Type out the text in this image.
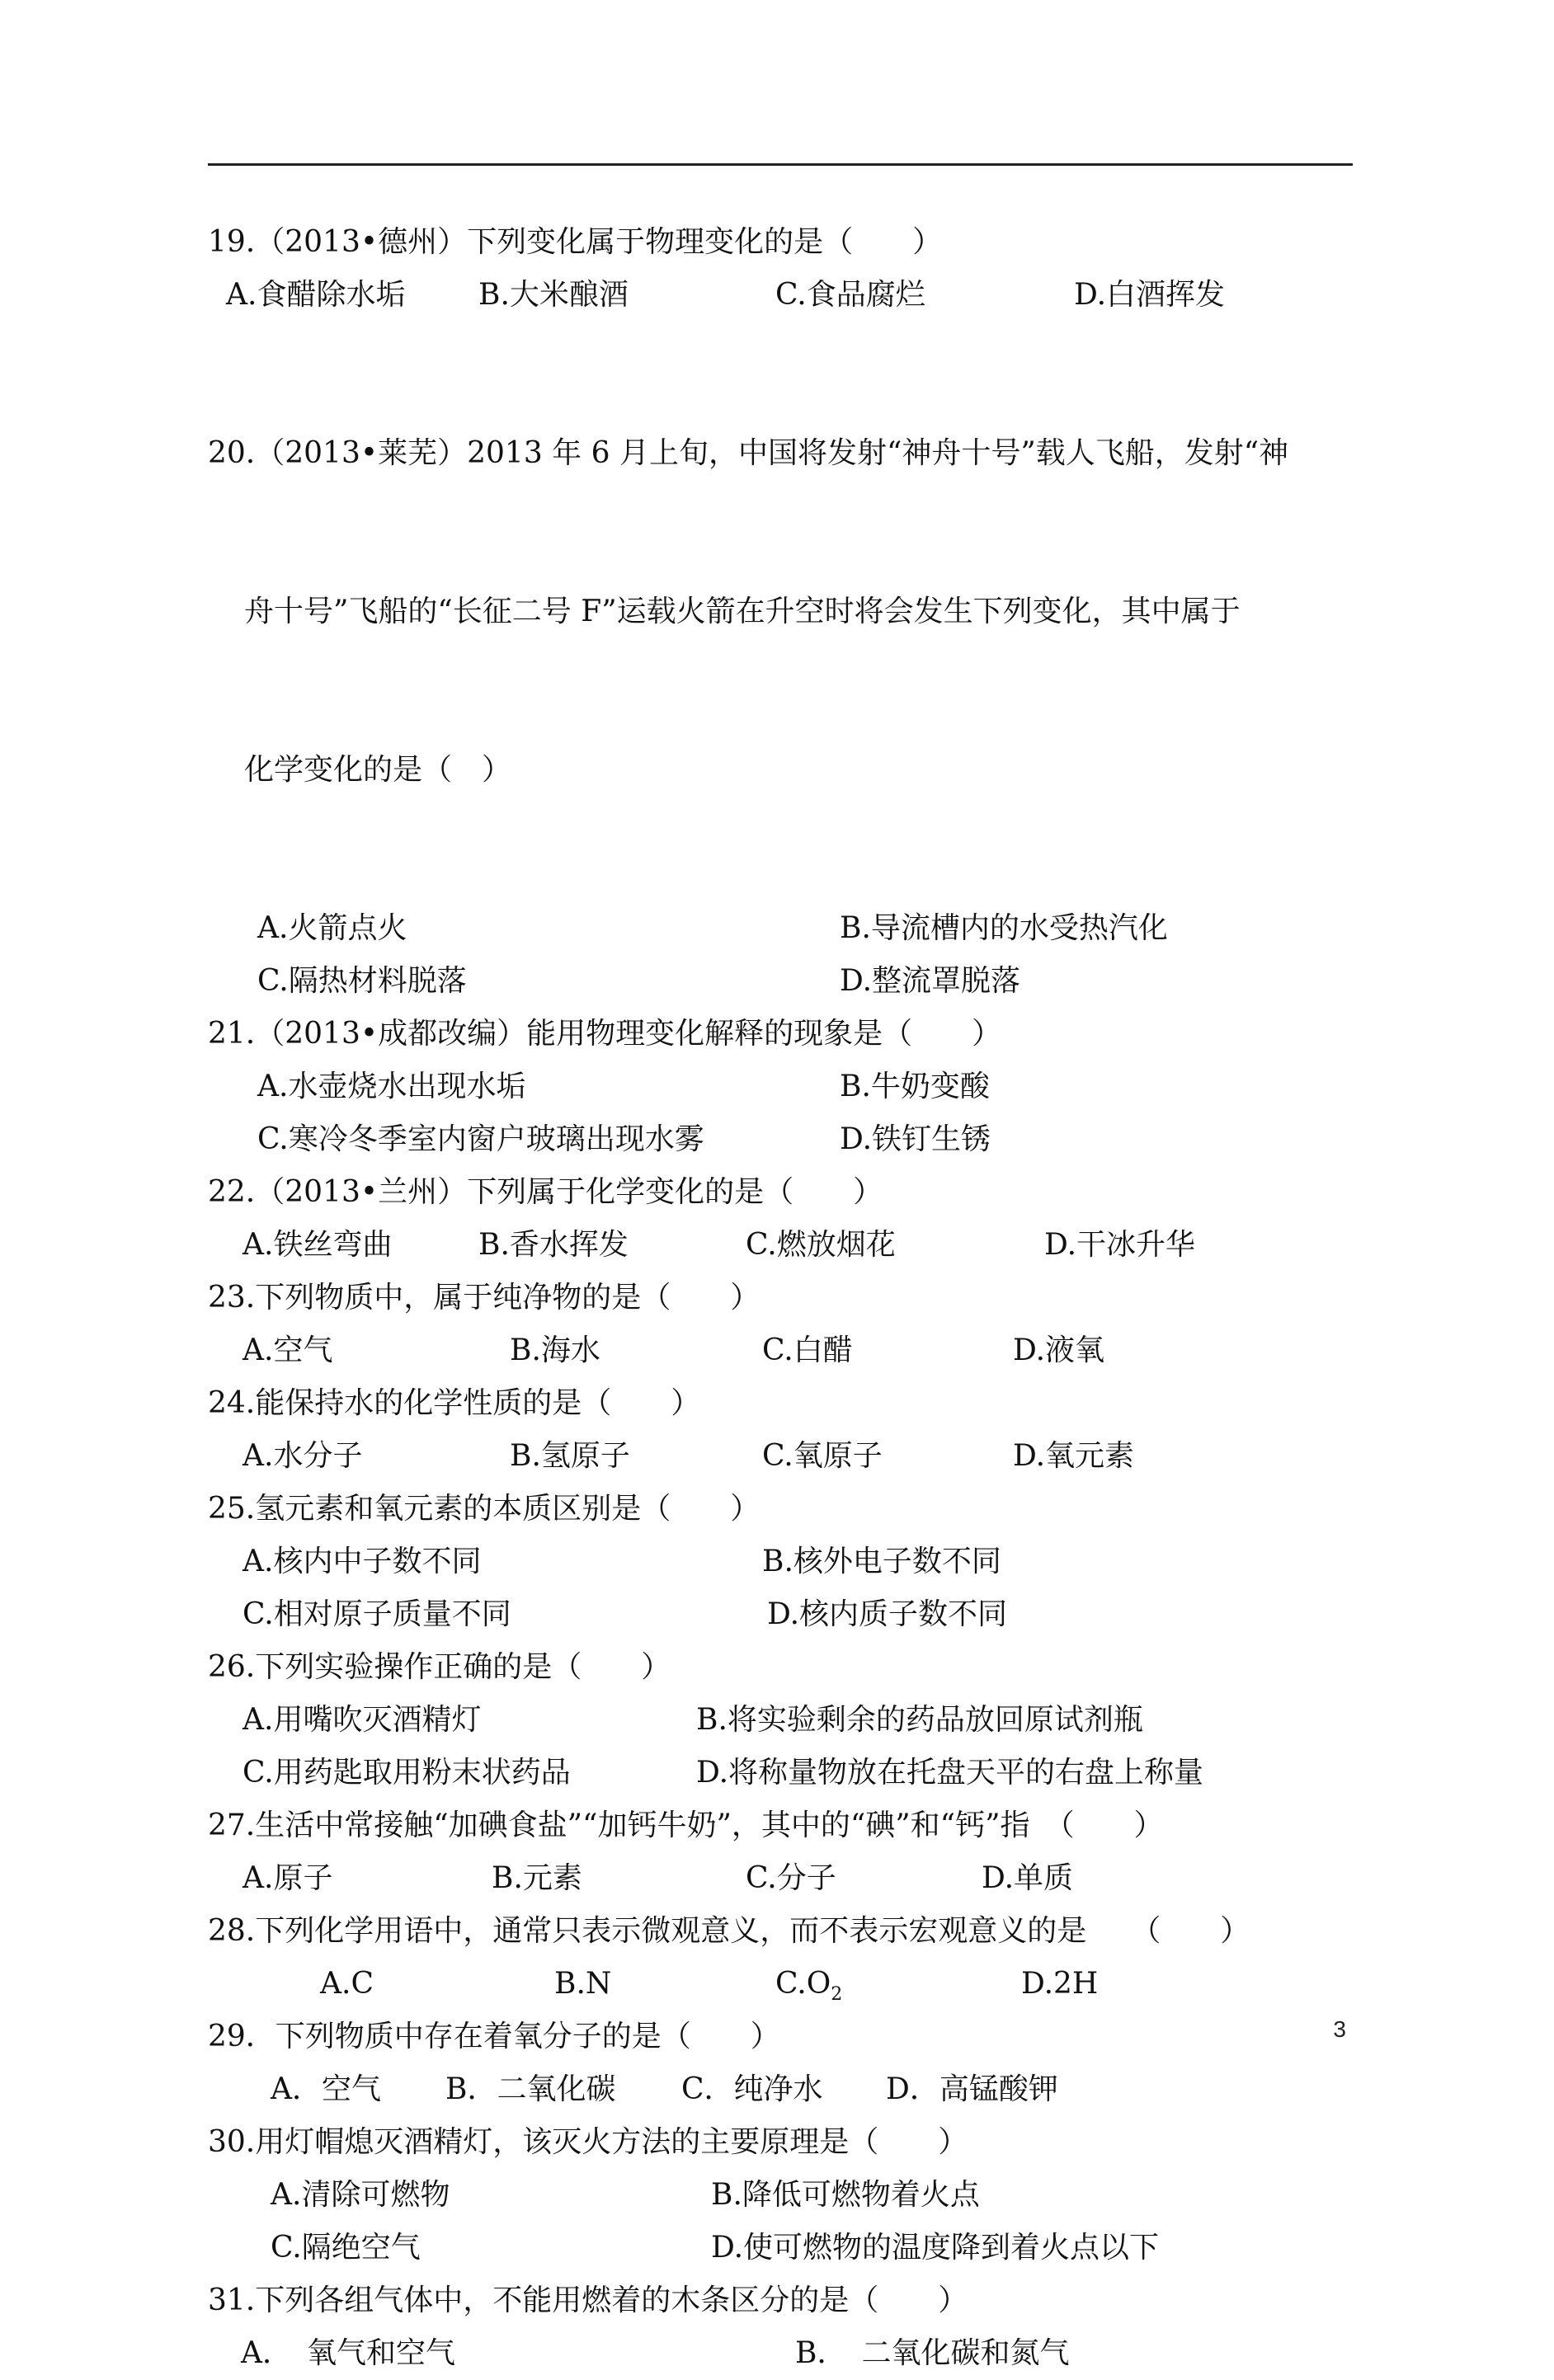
19.（2013•德州）下列变化属于物理变化的是（　　）
A.食醋除水垢	B.大米酿酒	C.食品腐烂	D.白酒挥发

20.（2013•莱芜）2013 年 6 月上旬，中国将发射“神舟十号”载人飞船，发射“神

舟十号”飞船的“长征二号 F”运载火箭在升空时将会发生下列变化，其中属于

化学变化的是（　）

A.火箭点火	B.导流槽内的水受热汽化
C.隔热材料脱落	D.整流罩脱落
21.（2013•成都改编）能用物理变化解释的现象是（　　）
A.水壶烧水出现水垢	B.牛奶变酸
C.寒冷冬季室内窗户玻璃出现水雾	D.铁钉生锈
22.（2013•兰州）下列属于化学变化的是（　　）
A.铁丝弯曲	B.香水挥发	C.燃放烟花	D.干冰升华
23.下列物质中，属于纯净物的是（　　）
A.空气	B.海水	C.白醋	D.液氧
24.能保持水的化学性质的是（　　）
A.水分子	B.氢原子	C.氧原子	D.氧元素
25.氢元素和氧元素的本质区别是（　　）
A.核内中子数不同	B.核外电子数不同
C.相对原子质量不同	D.核内质子数不同
26.下列实验操作正确的是（　　）
A.用嘴吹灭酒精灯	B.将实验剩余的药品放回原试剂瓶
C.用药匙取用粉末状药品	D.将称量物放在托盘天平的右盘上称量
27.生活中常接触“加碘食盐”“加钙牛奶”，其中的“碘”和“钙”指　（　　）
A.原子	B.元素	C.分子	D.单质
28.下列化学用语中，通常只表示微观意义，而不表示宏观意义的是　　（　　）
A.C	B.N	$C.O_2$	D.2H
29．下列物质中存在着氧分子的是（　　）
A．空气	B．二氧化碳	C．纯净水	D．高锰酸钾
30.用灯帽熄灭酒精灯，该灭火方法的主要原理是（　　）
A.清除可燃物	B.降低可燃物着火点
C.隔绝空气	D.使可燃物的温度降到着火点以下
31.下列各组气体中，不能用燃着的木条区分的是（　　）
A．　氧气和空气	B．　二氧化碳和氮气
3
